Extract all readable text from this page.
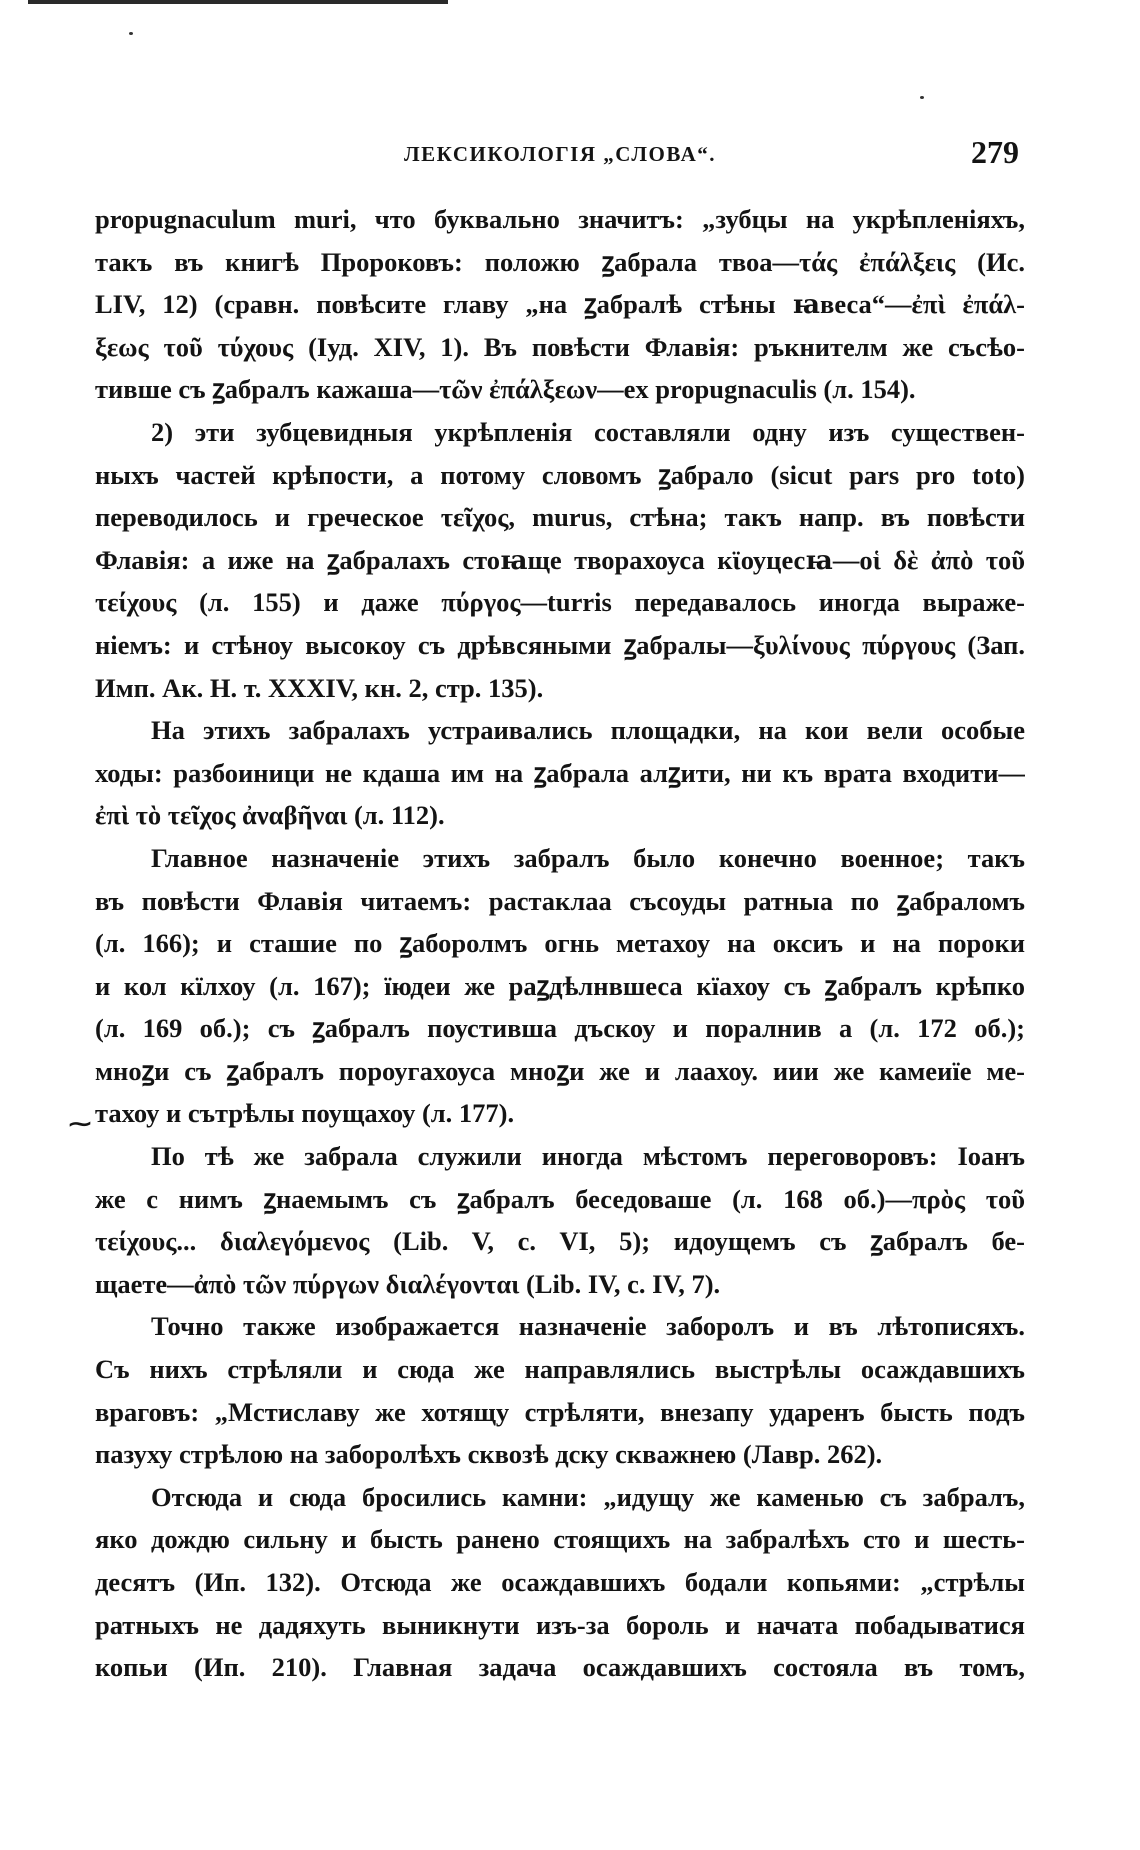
ЛЕКСИКОЛОГІЯ „СЛОВА“.	279
propugnaculum muri, что буквально значитъ: „зубцы на укрѣпленіяхъ,
такъ въ книгѣ Пророковъ: положю ꙁабрала твоа—τάς ἐπάλξεις (Ис.
LIV, 12) (сравн. повѣсите главу „на ꙁабралѣ стѣны ꙗвеса“—ἐπὶ ἐπάλ-
ξεως τοῦ τύχους (Іуд. XIV, 1). Въ повѣсти Флавія: ръкнителм же съсѣо-
тивше съ ꙁабралъ кажаша—τῶν ἐπάλξεων—ex propugnaculis (л. 154).
2) эти зубцевидныя укрѣпленія составляли одну изъ существен-
ныхъ частей крѣпости, а потому словомъ ꙁабрало (sicut pars pro toto)
переводилось и греческое τεῖχος, murus, стѣна; такъ напр. въ повѣсти
Флавія: а иже на ꙁабралахъ стоꙗще творахоуса кϊоуцесꙗ—οἱ δὲ ἀπὸ τοῦ
τείχους (л. 155) и даже πύργος—turris передавалось иногда выраже-
ніемъ: и стѣноу высокоу съ дрѣвсяными ꙁабралы—ξυλίνους πύργους (Зап.
Имп. Ак. Н. т. XXXIV, кн. 2, стр. 135).
На этихъ забралахъ устраивались площадки, на кои вели особые
ходы: разбоиници не кдаша им на ꙁабрала алꙁити, ни къ врата входити—
ἐπὶ τὸ τεῖχος ἀναβῆναι (л. 112).
Главное назначеніе этихъ забралъ было конечно военное; такъ
въ повѣсти Флавія читаемъ: растаклаа съсоуды ратныа по ꙁабраломъ
(л. 166); и сташие по ꙁаборолмъ огнь метахоу на оксиъ и на пороки
и кол кїлхоу (л. 167); їюдеи же раꙁдѣлнвшеса кїахоу съ ꙁабралъ крѣпко
(л. 169 об.); съ ꙁабралъ поустивша дъскоу и поралнив а (л. 172 об.);
мноꙁи съ ꙁабралъ пороугахоуса мноꙁи же и лаахоу. иии же камеиїе ме-
⁓ тахоу и сътрѣлы поущахоу (л. 177).
По тѣ же забрала служили иногда мѣстомъ переговоровъ: Іоанъ
же с нимъ ꙁнаемымъ съ ꙁабралъ беседоваше (л. 168 об.)—πρὸς τοῦ
τείχους... διαλεγόμενος (Lib. V, c. VI, 5); идоущемъ съ ꙁабралъ бе-
щаете—ἀπὸ τῶν πύργων διαλέγονται (Lib. IV, c. IV, 7).
Точно также изображается назначеніе заборолъ и въ лѣтописяхъ.
Съ нихъ стрѣляли и сюда же направлялись выстрѣлы осаждавшихъ
враговъ: „Мстиславу же хотящу стрѣляти, внезапу ударенъ бысть подъ
пазуху стрѣлою на заборолѣхъ сквозѣ дску скважнею (Лавр. 262).
Отсюда и сюда бросились камни: „идущу же каменью съ забралъ,
яко дождю сильну и бысть ранено стоящихъ на забралѣхъ сто и шесть-
десятъ (Ип. 132). Отсюда же осаждавшихъ бодали копьями: „стрѣлы
ратныхъ не дадяхуть выникнути изъ-за бороль и начата побадыватися
копьи (Ип. 210). Главная задача осаждавшихъ состояла въ томъ,
